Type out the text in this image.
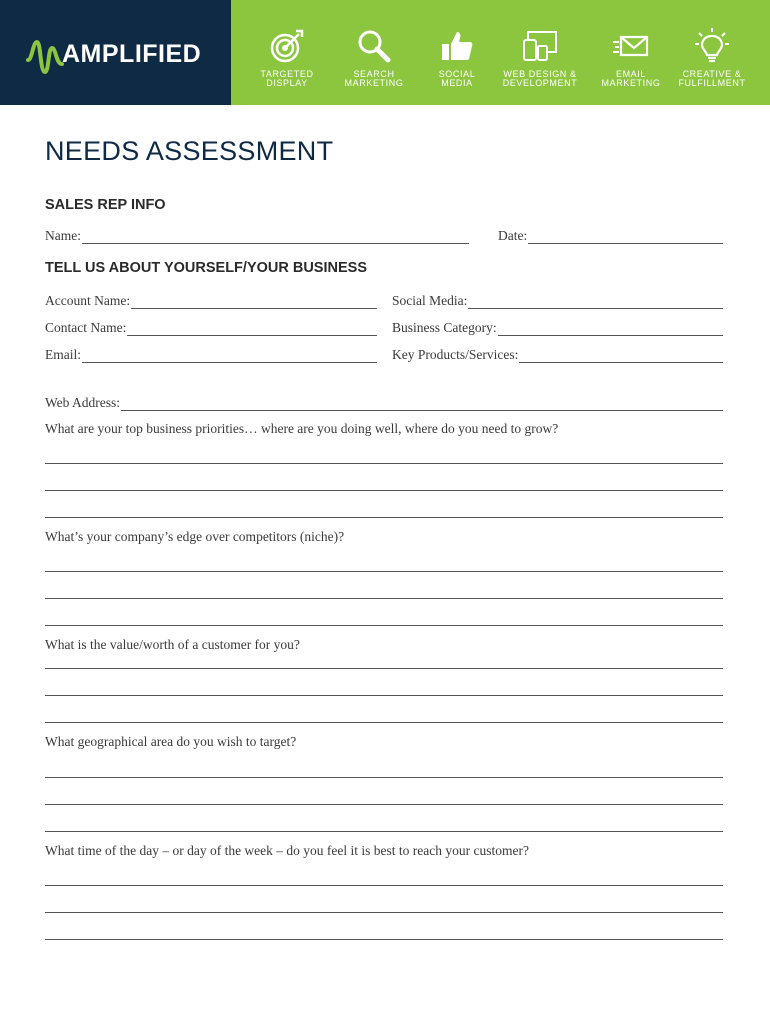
AMPLIFIED
TARGETED
DISPLAY
SEARCH
MARKETING
SOCIAL
MEDIA
WEB DESIGN &
DEVELOPMENT
EMAIL
MARKETING
CREATIVE &
FULFILLMENT
NEEDS ASSESSMENT
SALES REP INFO
Name:	Date:
TELL US ABOUT YOURSELF/YOUR BUSINESS
Account Name:	Social Media:
Contact Name:	Business Category:
Email:	Key Products/Services:
Web Address:

What are your top business priorities… where are you doing well, where do you need to grow?

What’s your company’s edge over competitors (niche)?

What is the value/worth of a customer for you?

What geographical area do you wish to target?

What time of the day – or day of the week – do you feel it is best to reach your customer?
